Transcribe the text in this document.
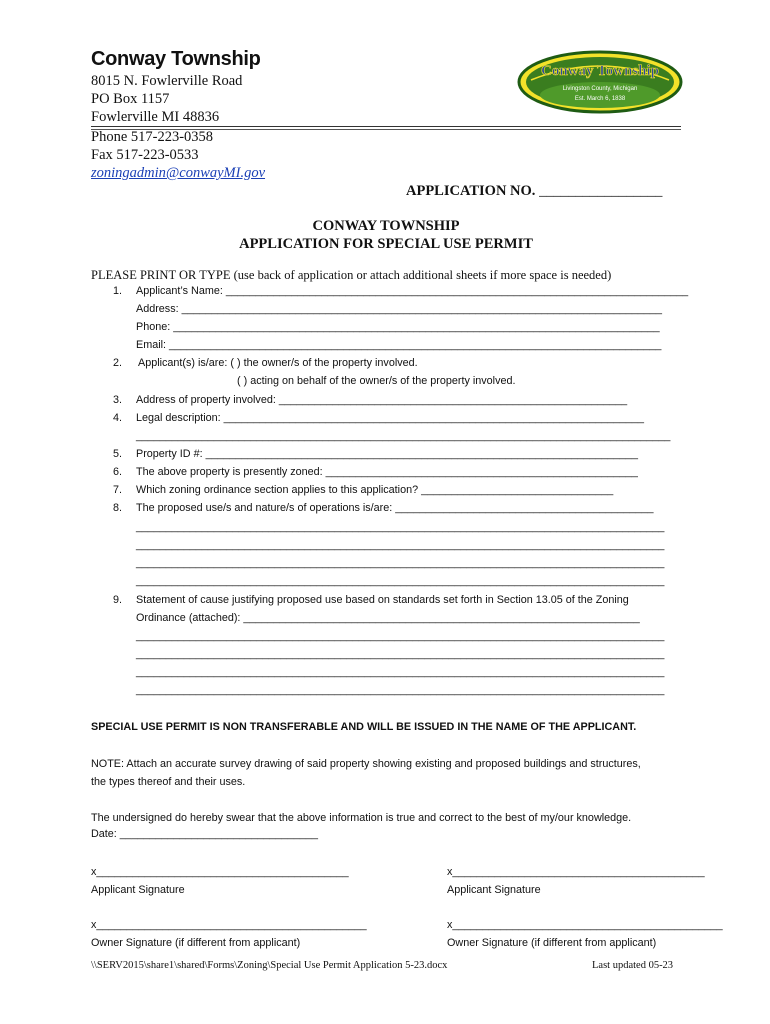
Conway Township
8015 N. Fowlerville Road
PO Box 1157
Fowlerville MI 48836
Phone 517-223-0358
Fax 517-223-0533
zoningadmin@conwayMI.gov
Conway Township
Livingston County, Michigan
Est. March 6, 1838
APPLICATION NO. _________________
CONWAY TOWNSHIP
APPLICATION FOR SPECIAL USE PERMIT
PLEASE PRINT OR TYPE (use back of application or attach additional sheets if more space is needed)
1. Applicant’s Name: _____________________________________________________________________________
Address: ________________________________________________________________________________
Phone: _________________________________________________________________________________
Email: __________________________________________________________________________________
2. Applicant(s) is/are: ( ) the owner/s of the property involved.
( ) acting on behalf of the owner/s of the property involved.
3. Address of property involved: __________________________________________________________
4. Legal description: ______________________________________________________________________
_________________________________________________________________________________________
5. Property ID #: ________________________________________________________________________
6. The above property is presently zoned: ____________________________________________________
7. Which zoning ordinance section applies to this application? ________________________________
8. The proposed use/s and nature/s of operations is/are: ___________________________________________
________________________________________________________________________________________
________________________________________________________________________________________
________________________________________________________________________________________
________________________________________________________________________________________
9. Statement of cause justifying proposed use based on standards set forth in Section 13.05 of the Zoning
Ordinance (attached): __________________________________________________________________
________________________________________________________________________________________
________________________________________________________________________________________
________________________________________________________________________________________
________________________________________________________________________________________
SPECIAL USE PERMIT IS NON TRANSFERABLE AND WILL BE ISSUED IN THE NAME OF THE APPLICANT.
NOTE: Attach an accurate survey drawing of said property showing existing and proposed buildings and structures,
the types thereof and their uses.
The undersigned do hereby swear that the above information is true and correct to the best of my/our knowledge.
Date: _________________________________
x__________________________________________
Applicant Signature
x__________________________________________
Applicant Signature
x_____________________________________________
Owner Signature (if different from applicant)
x_____________________________________________
Owner Signature (if different from applicant)
\\SERV2015\share1\shared\Forms\Zoning\Special Use Permit Application 5-23.docx	Last updated 05-23
